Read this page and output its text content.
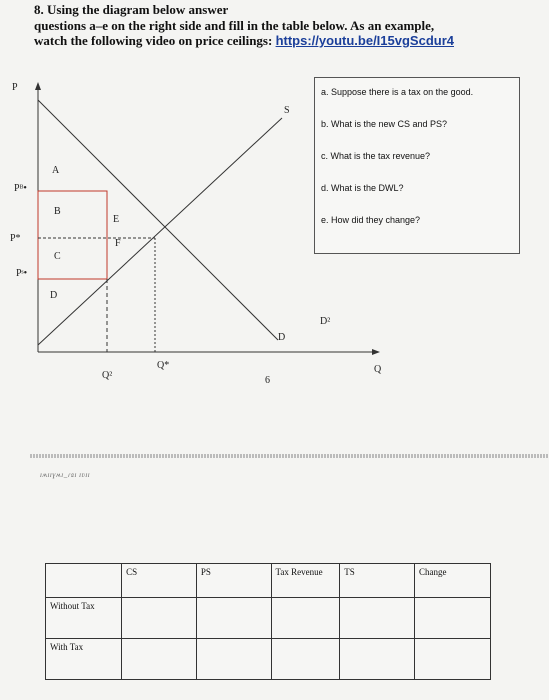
8. Using the diagram below answer
questions a–e on the right side and fill in the table below. As an example,
watch the following video on price ceilings: https://youtu.be/I15vgScdur4
P
Q
Pᴮ•
P*
Pˢ•
A
B
C
D
E
F
S
D
D²
Q²
Q*
6
a. Suppose there is a tax on the good.
b. What is the new CS and PS?
c. What is the tax revenue?
d. What is the DWL?
e. How did they change?
ɪʍɪɪɣʍɪ_ɾɞɪ ɪʋɪɪ
	CS	PS	Tax Revenue	TS	Change
Without Tax					
With Tax					
